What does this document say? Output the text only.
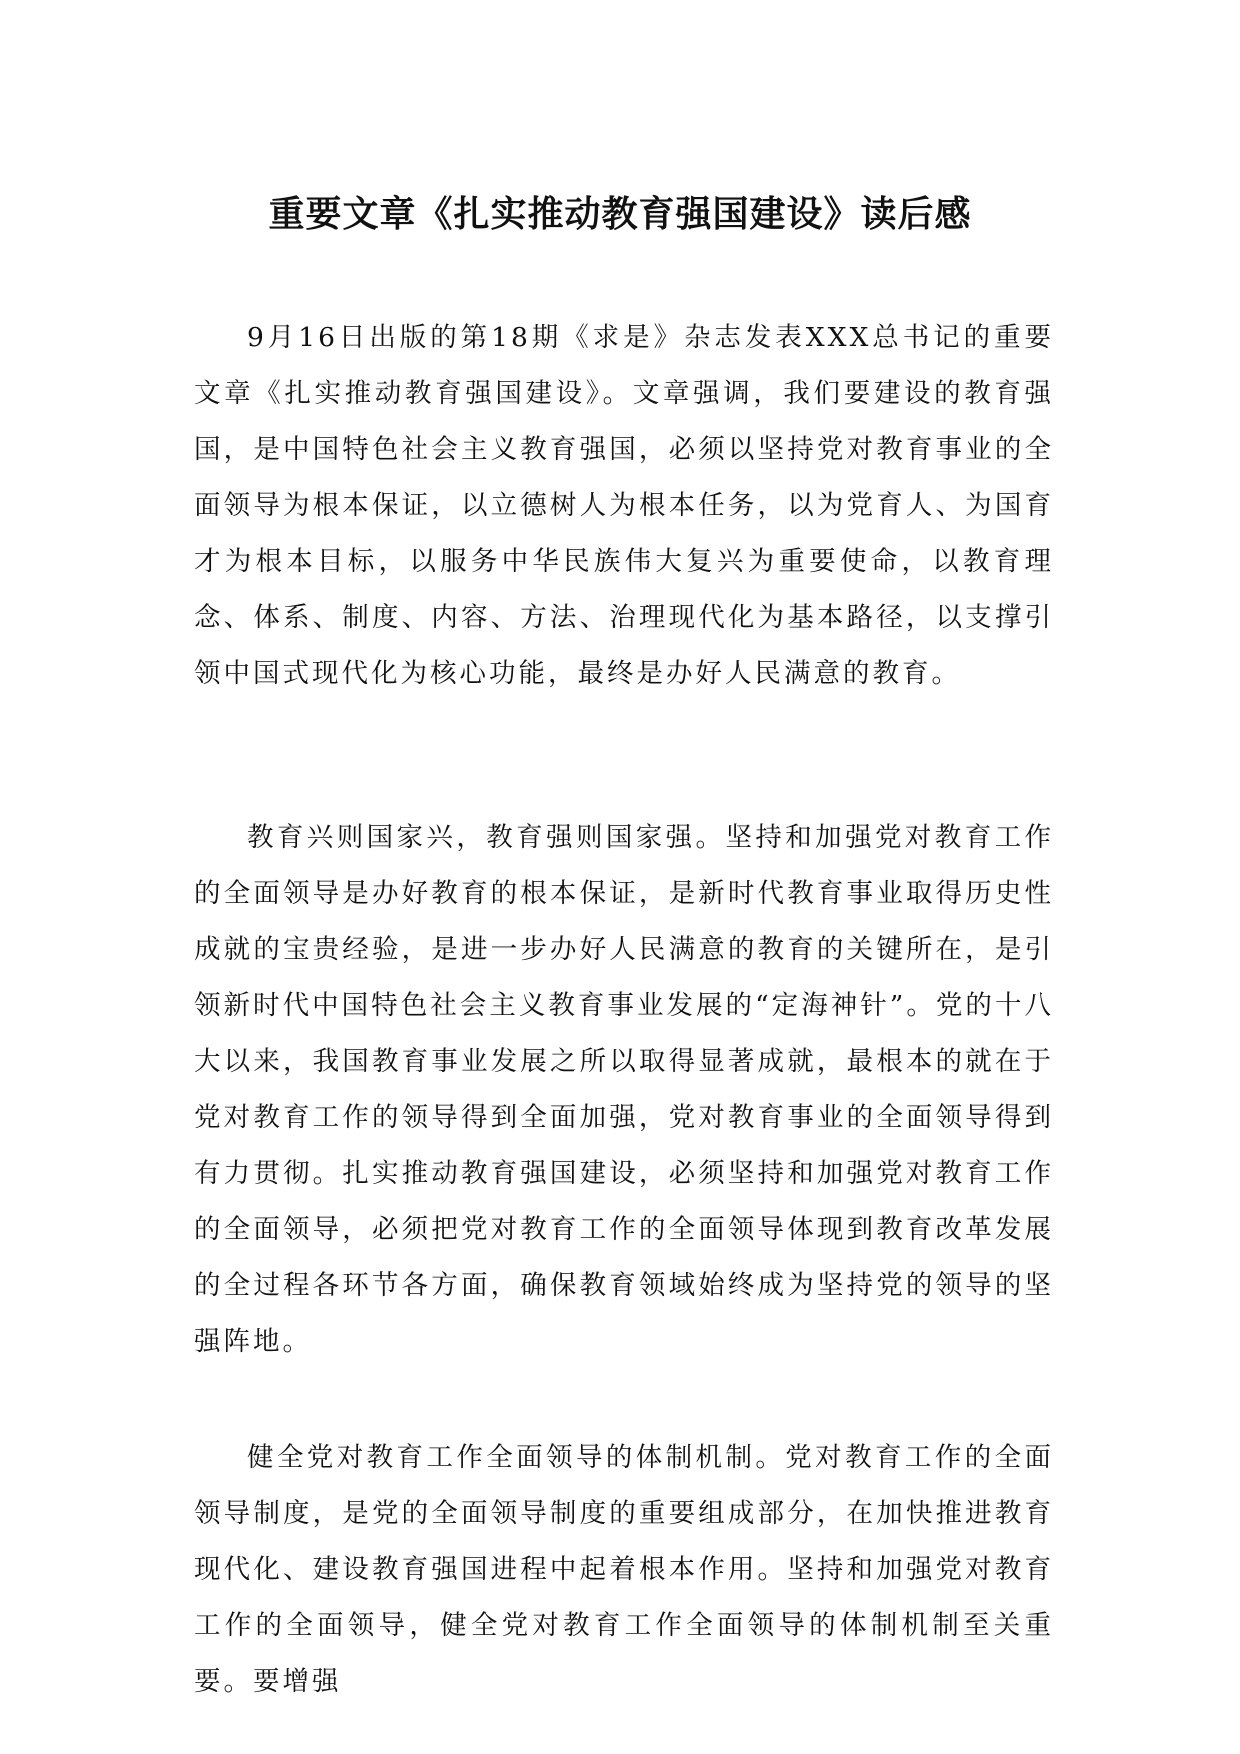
重要文章《扎实推动教育强国建设》读后感

9月16日出版的第18期《求是》杂志发表XXX总书记的重要文章《扎实推动教育强国建设》。文章强调，我们要建设的教育强国，是中国特色社会主义教育强国，必须以坚持党对教育事业的全面领导为根本保证，以立德树人为根本任务，以为党育人、为国育才为根本目标，以服务中华民族伟大复兴为重要使命，以教育理念、体系、制度、内容、方法、治理现代化为基本路径，以支撑引领中国式现代化为核心功能，最终是办好人民满意的教育。

教育兴则国家兴，教育强则国家强。坚持和加强党对教育工作的全面领导是办好教育的根本保证，是新时代教育事业取得历史性成就的宝贵经验，是进一步办好人民满意的教育的关键所在，是引领新时代中国特色社会主义教育事业发展的“定海神针”。党的十八大以来，我国教育事业发展之所以取得显著成就，最根本的就在于党对教育工作的领导得到全面加强，党对教育事业的全面领导得到有力贯彻。扎实推动教育强国建设，必须坚持和加强党对教育工作的全面领导，必须把党对教育工作的全面领导体现到教育改革发展的全过程各环节各方面，确保教育领域始终成为坚持党的领导的坚强阵地。

健全党对教育工作全面领导的体制机制。党对教育工作的全面领导制度，是党的全面领导制度的重要组成部分，在加快推进教育现代化、建设教育强国进程中起着根本作用。坚持和加强党对教育工作的全面领导，健全党对教育工作全面领导的体制机制至关重要。要增强
